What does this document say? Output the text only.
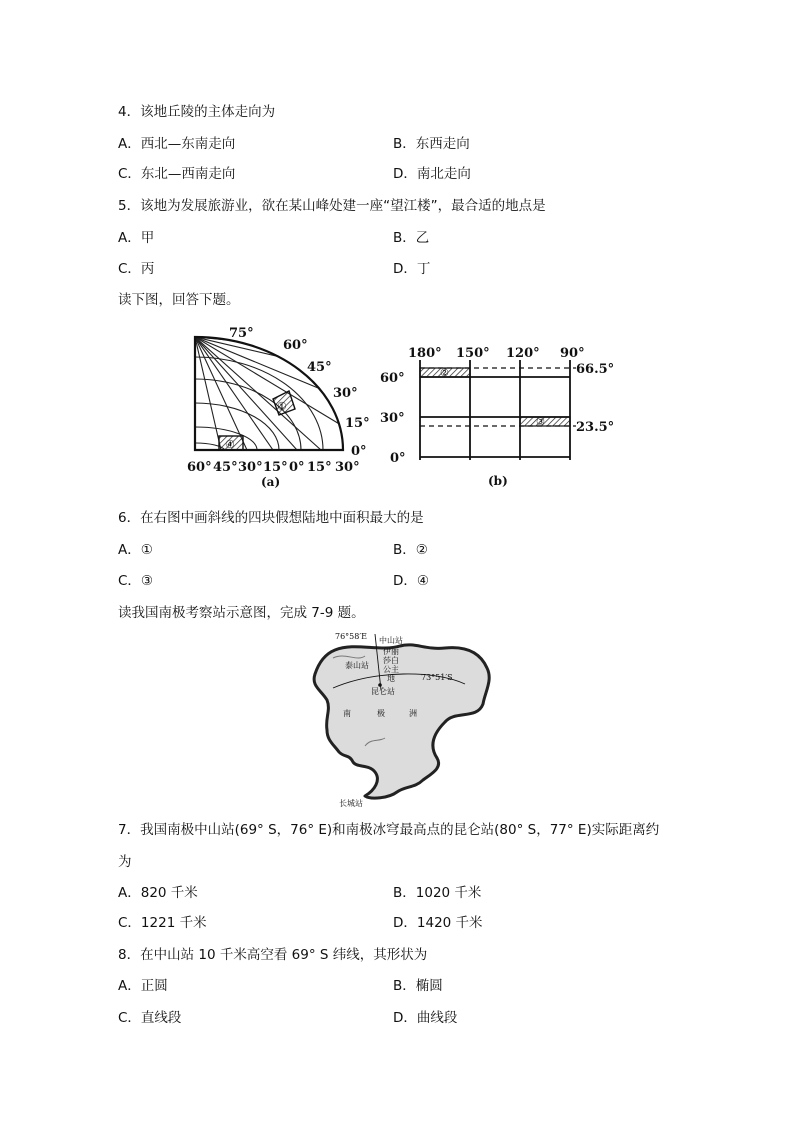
4．该地丘陵的主体走向为
A．西北—东南走向	B．东西走向
C．东北—西南走向	D．南北走向
5．该地为发展旅游业，欲在某山峰处建一座“望江楼”，最合适的地点是
A．甲	B．乙
C．丙	D．丁
读下图，回答下题。
①
④
75°
60°
45°
30°
15°
0°
60° 45° 30° 15° 0° 15° 30°
(a)
②
③
180° 150° 120° 90°
60°
30°
0°
66.5°
23.5°
(b)
6．在右图中画斜线的四块假想陆地中面积最大的是
A．①	B．②
C．③	D．④
读我国南极考察站示意图，完成 7-9 题。
76°58′E 中山站
伊丽
莎白
公主
地
泰山站
73°51′S
昆仑站
南	极	洲
长城站
7．我国南极中山站(69° S，76° E)和南极冰穹最高点的昆仑站(80° S，77° E)实际距离约
为
A．820 千米	B．1020 千米
C．1221 千米	D．1420 千米
8．在中山站 10 千米高空看 69° S 纬线，其形状为
A．正圆	B．椭圆
C．直线段	D．曲线段
